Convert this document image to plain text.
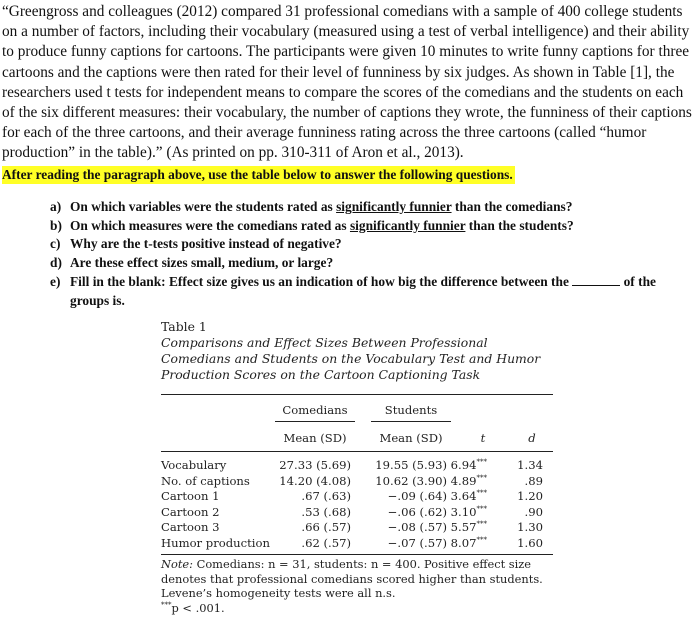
“Greengross and colleagues (2012) compared 31 professional comedians with a sample of 400 college students on a number of factors, including their vocabulary (measured using a test of verbal intelligence) and their ability to produce funny captions for cartoons. The participants were given 10 minutes to write funny captions for three cartoons and the captions were then rated for their level of funniness by six judges. As shown in Table [1], the researchers used t tests for independent means to compare the scores of the comedians and the students on each of the six different measures: their vocabulary, the number of captions they wrote, the funniness of their captions for each of the three cartoons, and their average funniness rating across the three cartoons (called “humor production” in the table).” (As printed on pp. 310-311 of Aron et al., 2013).

After reading the paragraph above, use the table below to answer the following questions.
a) On which variables were the students rated as significantly funnier than the comedians?
b) On which measures were the comedians rated as significantly funnier than the students?
c) Why are the t-tests positive instead of negative?
d) Are these effect sizes small, medium, or large?
e) Fill in the blank: Effect size gives us an indication of how big the difference between the	of the groups is.
Table 1
Comparisons and Effect Sizes Between Professional Comedians and Students on the Vocabulary Test and Humor Production Scores on the Cartoon Captioning Task
Comedians	Students
Mean (SD)	Mean (SD)	t	d
Vocabulary	27.33 (5.69)	19.55 (5.93) 6.94***	1.34
No. of captions	14.20 (4.08)	10.62 (3.90) 4.89***	.89
Cartoon 1	.67 (.63)	−.09 (.64) 3.64***	1.20
Cartoon 2	.53 (.68)	−.06 (.62) 3.10***	.90
Cartoon 3	.66 (.57)	−.08 (.57) 5.57***	1.30
Humor production	.62 (.57)	−.07 (.57) 8.07***	1.60
Note: Comedians: n = 31, students: n = 400. Positive effect size denotes that professional comedians scored higher than students. Levene’s homogeneity tests were all n.s.
***p < .001.
